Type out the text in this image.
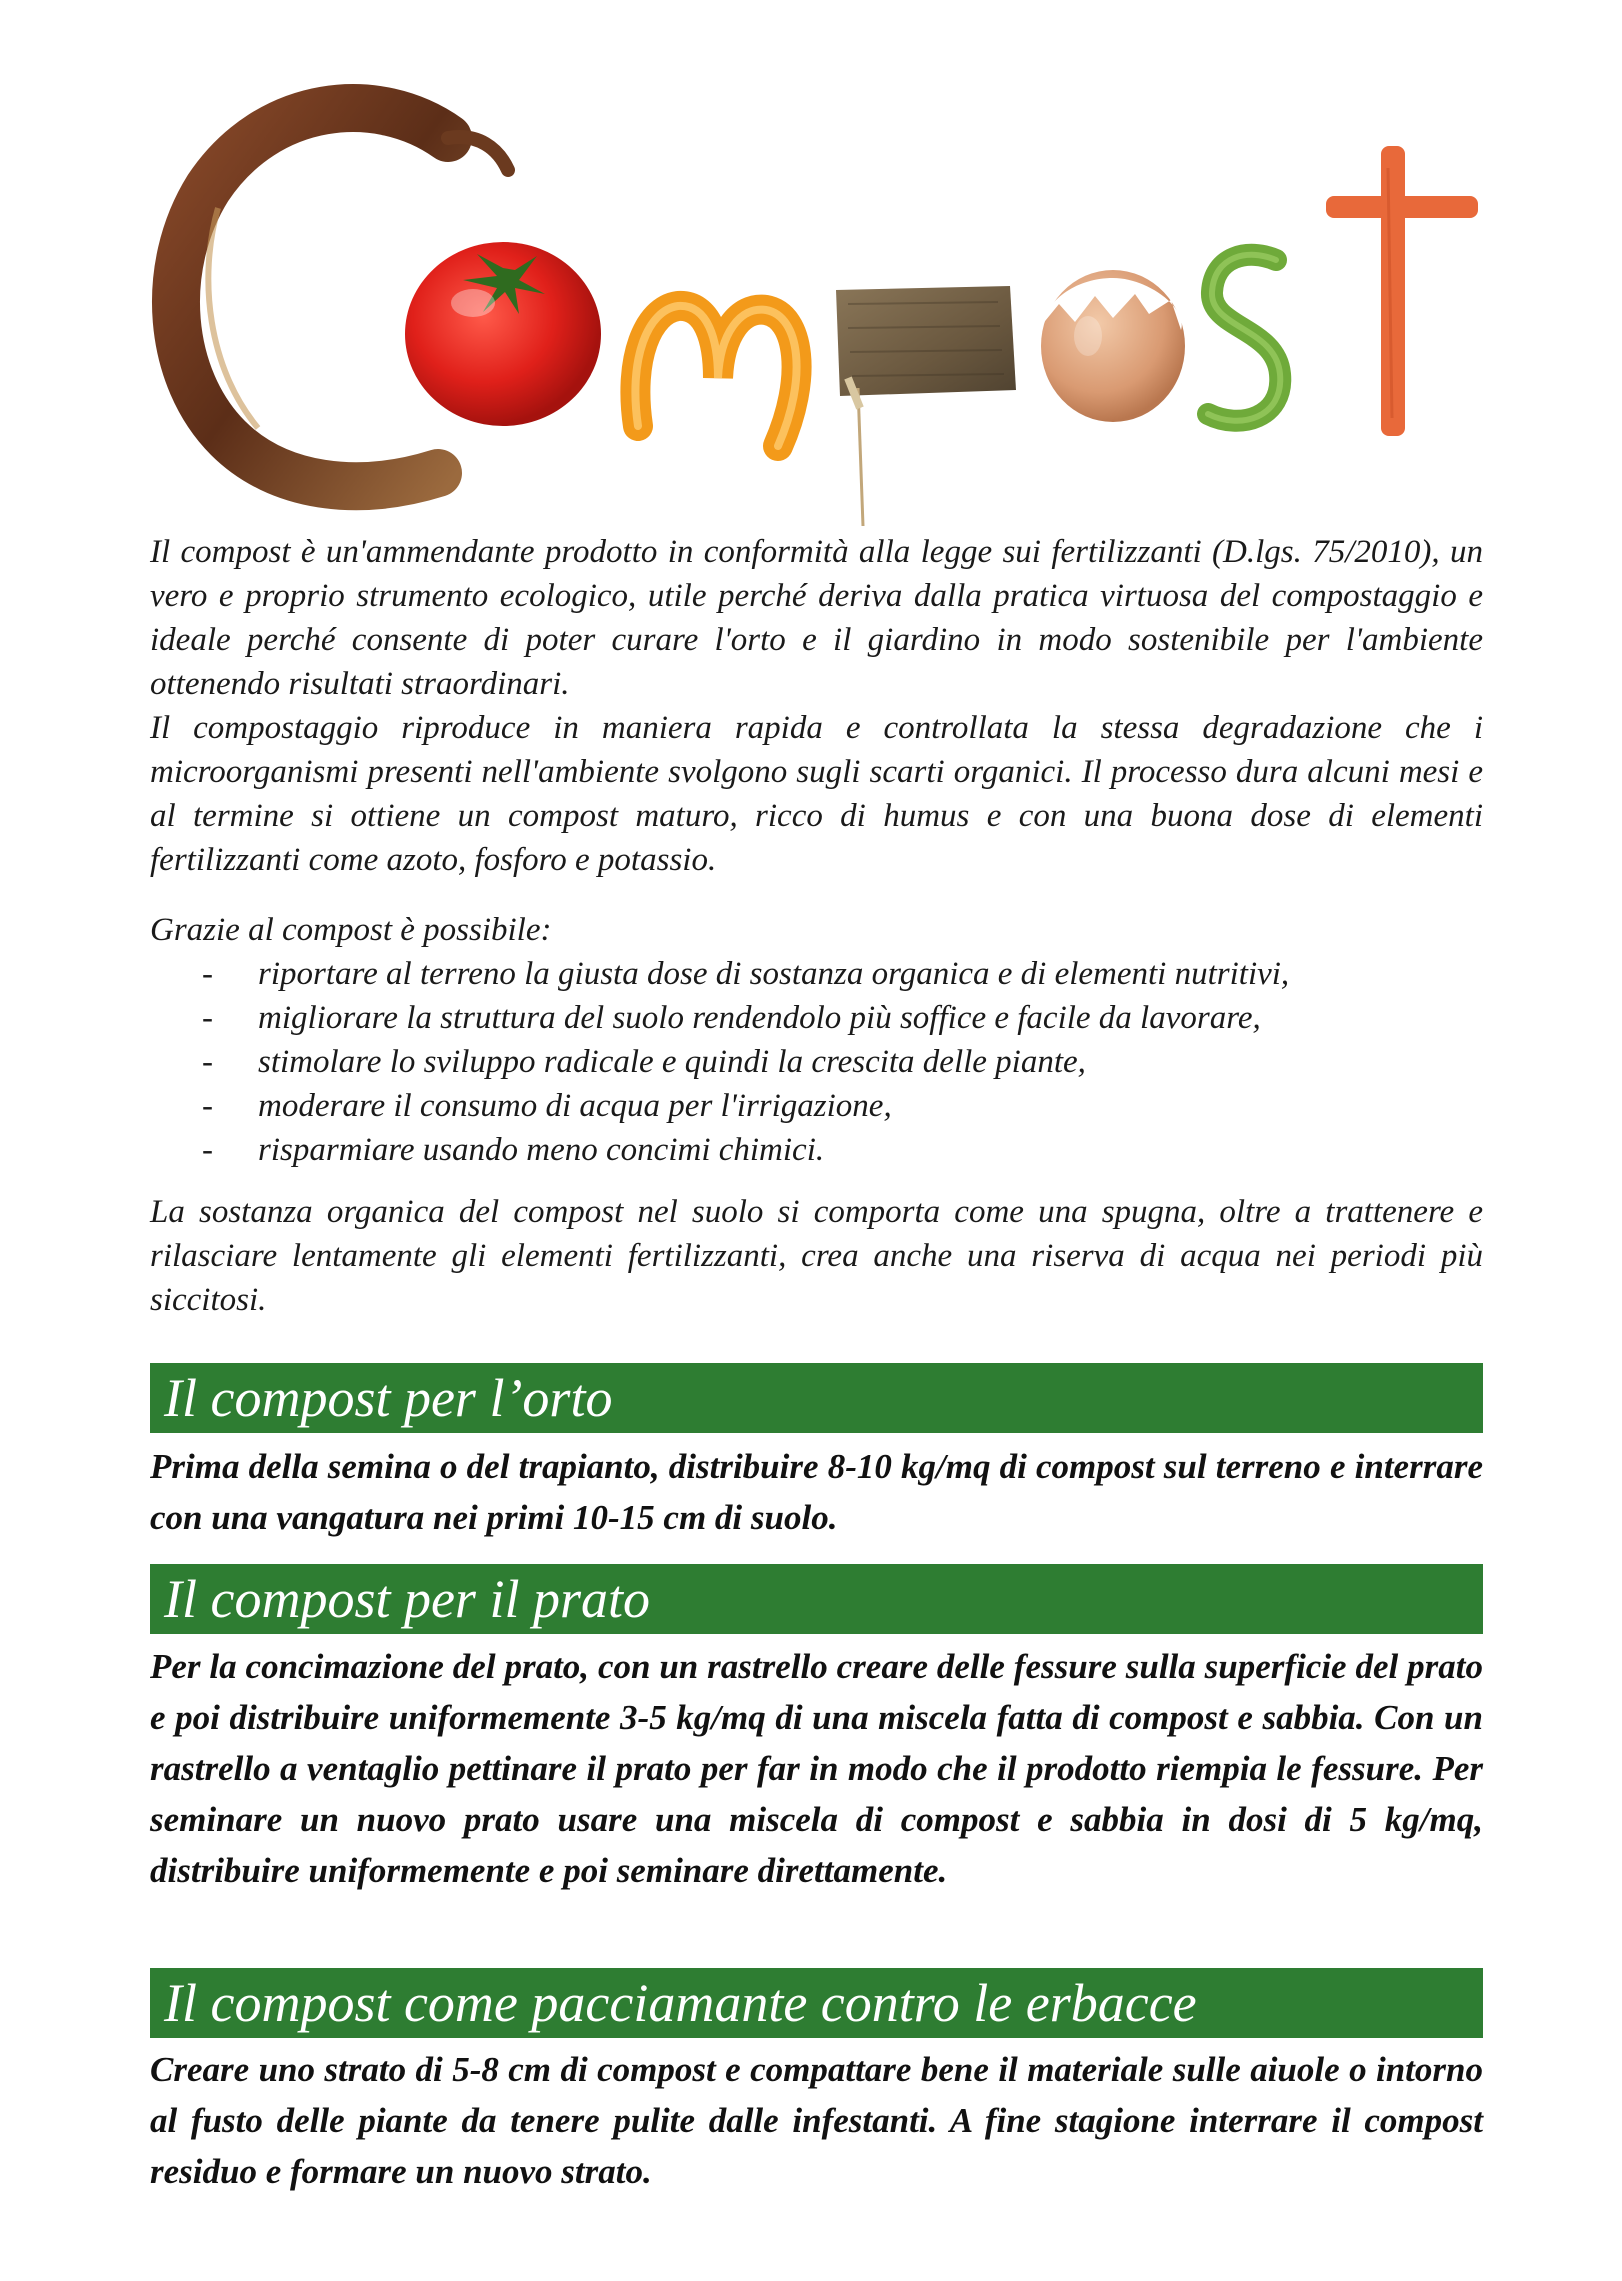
Il compost è un'ammendante prodotto in conformità alla legge sui fertilizzanti (D.lgs. 75/2010), un vero e proprio strumento ecologico, utile perché deriva dalla pratica virtuosa del compostaggio e ideale perché consente di poter curare l'orto e il giardino in modo sostenibile per l'ambiente ottenendo risultati straordinari.

Il compostaggio riproduce in maniera rapida e controllata la stessa degradazione che i microorganismi presenti nell'ambiente svolgono sugli scarti organici. Il processo dura alcuni mesi e al termine si ottiene un compost maturo, ricco di humus e con una buona dose di elementi fertilizzanti come azoto, fosforo e potassio.

Grazie al compost è possibile:
- riportare al terreno la giusta dose di sostanza organica e di elementi nutritivi,
- migliorare la struttura del suolo rendendolo più soffice e facile da lavorare,
- stimolare lo sviluppo radicale e quindi la crescita delle piante,
- moderare il consumo di acqua per l'irrigazione,
- risparmiare usando meno concimi chimici.
La sostanza organica del compost nel suolo si comporta come una spugna, oltre a trattenere e rilasciare lentamente gli elementi fertilizzanti, crea anche una riserva di acqua nei periodi più siccitosi.
Il compost per l’orto
Prima della semina o del trapianto, distribuire 8-10 kg/mq di compost sul terreno e interrare con una vangatura nei primi 10-15 cm di suolo.
Il compost per il prato
Per la concimazione del prato, con un rastrello creare delle fessure sulla superficie del prato e poi distribuire uniformemente 3-5 kg/mq di una miscela fatta di compost e sabbia. Con un rastrello a ventaglio pettinare il prato per far in modo che il prodotto riempia le fessure. Per seminare un nuovo prato usare una miscela di compost e sabbia in dosi di 5 kg/mq, distribuire uniformemente e poi seminare direttamente.
Il compost come pacciamante contro le erbacce
Creare uno strato di 5-8 cm di compost e compattare bene il materiale sulle aiuole o intorno al fusto delle piante da tenere pulite dalle infestanti. A fine stagione interrare il compost residuo e formare un nuovo strato.
